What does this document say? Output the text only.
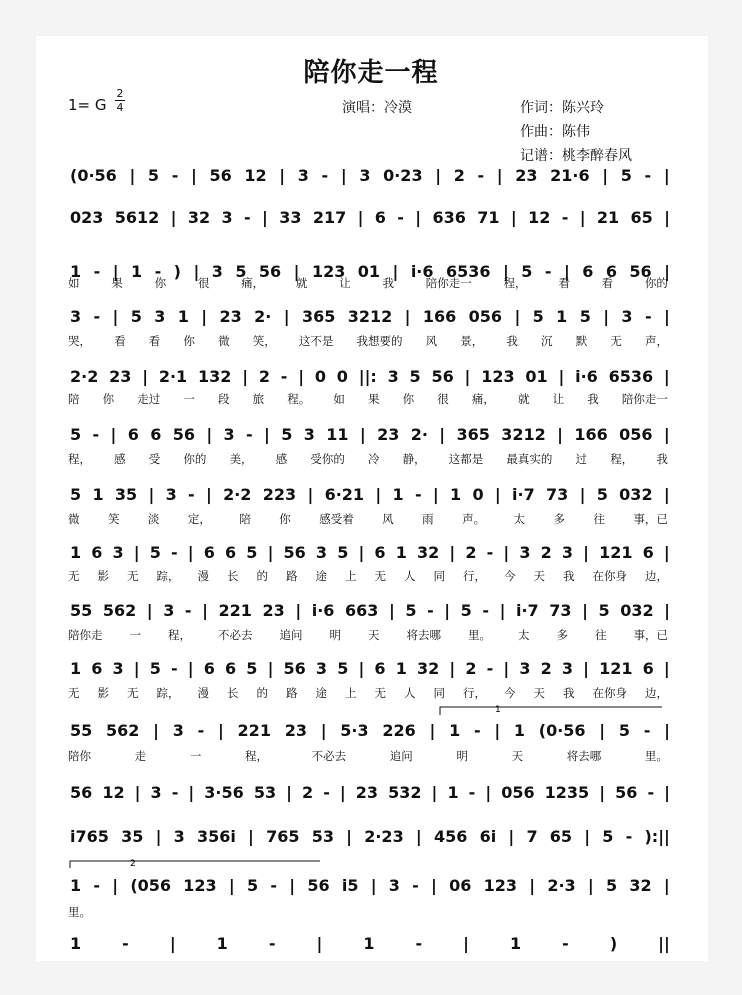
陪你走一程
1= G
2
4	演唱：冷漠	作词：陈兴玲
作曲：陈伟
记谱：桃李醉春风
(0·56 | 5 - | 56 12 | 3 - | 3 0·23 | 2 - | 23 21·6 | 5 - |
023 5612 | 32 3 - | 33 217 | 6 - | 636 71 | 12 - | 21 65 |
1 - | 1 - ) | 3 5 56 | 123 01 | i·6 6536 | 5 - | 6 6 56 |
3 - | 5 3 1 | 23 2· | 365 3212 | 166 056 | 5 1 5 | 3 - |
2·2 23 | 2·1 132 | 2 - | 0 0 ||: 3 5 56 | 123 01 | i·6 6536 |
5 - | 6 6 56 | 3 - | 5 3 11 | 23 2· | 365 3212 | 166 056 |
5 1 35 | 3 - | 2·2 223 | 6·21 | 1 - | 1 0 | i·7 73 | 5 032 |
1 6 3 | 5 - | 6 6 5 | 56 3 5 | 6 1 32 | 2 - | 3 2 3 | 121 6 |
55 562 | 3 - | 221 23 | i·6 663 | 5 - | 5 - | i·7 73 | 5 032 |
1 6 3 | 5 - | 6 6 5 | 56 3 5 | 6 1 32 | 2 - | 3 2 3 | 121 6 |
55 562 | 3 - | 221 23 | 5·3 226 | 1 - | 1 (0·56 | 5 - |
56 12 | 3 - | 3·56 53 | 2 - | 23 532 | 1 - | 056 1235 | 56 - |
i765 35 | 3 356i | 765 53 | 2·23 | 456 6i | 7 65 | 5 - ):||
1 - | (056 123 | 5 - | 56 i5 | 3 - | 06 123 | 2·3 | 5 32 |
1	-	|	1	-	|	1	-	|	1	-	)	||
如	果	你	很	痛，	就	让	我	陪你走一	程，	看	看	你的
哭， 看 看 你 微 笑， 这不是 我想要的 风 景， 我 沉 默 无 声，
陪 你 走过 一 段 旅 程。 如 果 你 很 痛， 就 让 我 陪你走一
程， 感 受 你的 美， 感 受你的 冷 静， 这都是 最真实的 过 程， 我
微 笑 淡 定， 陪 你 感受着 风 雨 声。 太 多 往 事，已
无 影 无 踪， 漫 长 的 路 途 上 无 人 同 行， 今 天 我 在你身 边，
陪你走 一 程， 不必去 追问 明 天 将去哪 里。 太 多 往 事，已
无 影 无 踪， 漫 长 的 路 途 上 无 人 同 行， 今 天 我 在你身 边，
陪你	走	一	程，	不必去	追问	明	天	将去哪	里。
里。
1
2
